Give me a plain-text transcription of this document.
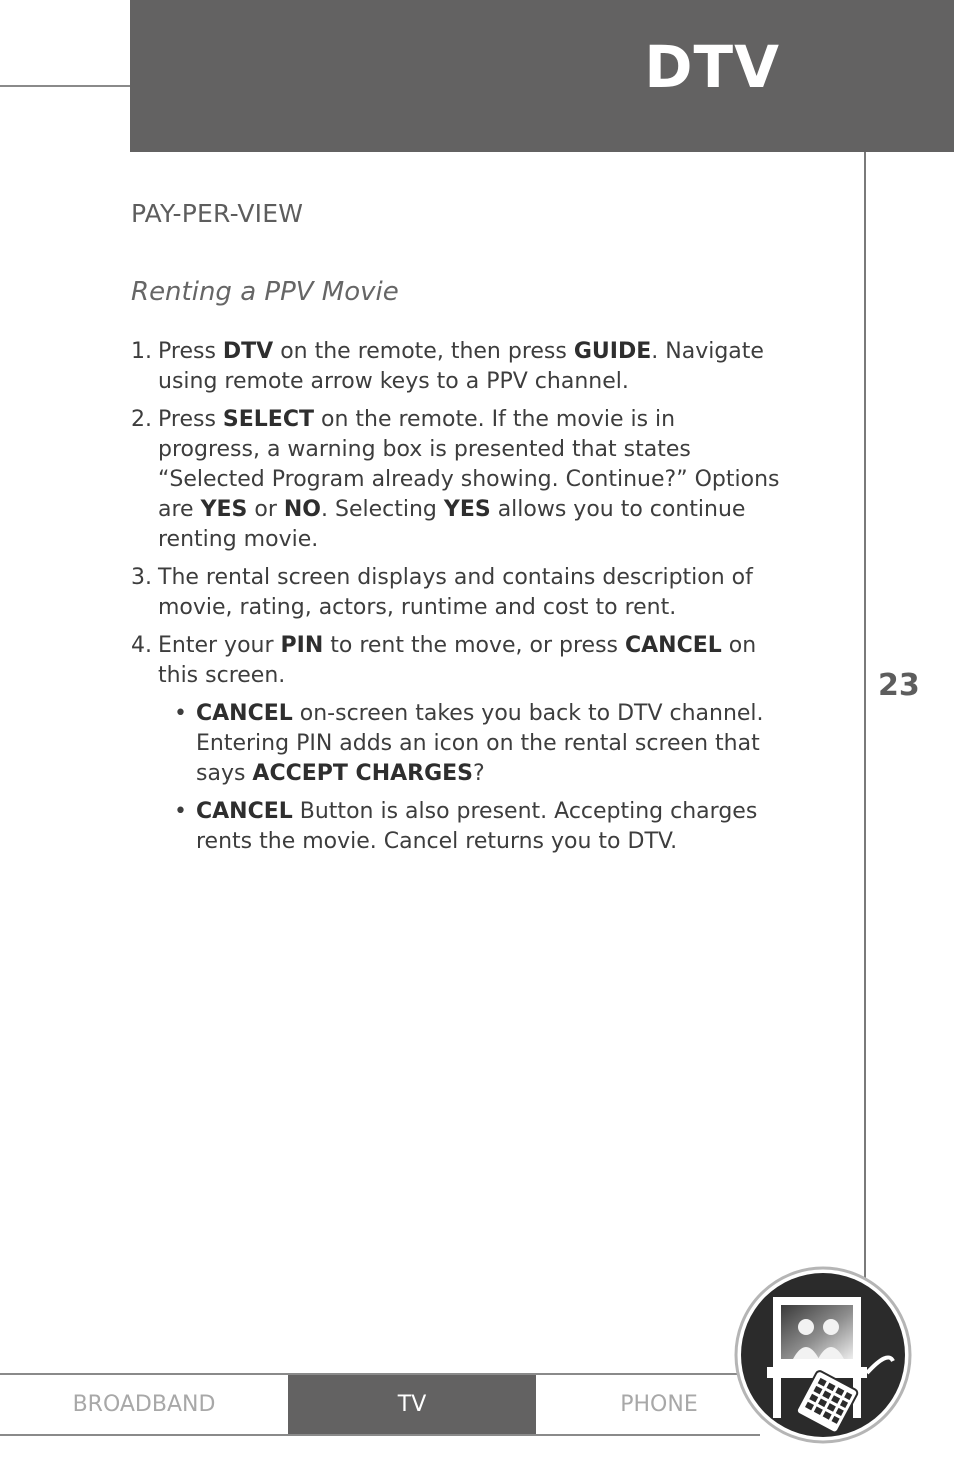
DTV
23
PAY-PER-VIEW
Renting a PPV Movie
1. Press DTV on the remote, then press GUIDE. Navigate using remote arrow keys to a PPV channel.
2. Press SELECT on the remote. If the movie is in progress, a warning box is presented that states “Selected Program already showing. Continue?” Options are YES or NO. Selecting YES allows you to continue renting movie.
3. The rental screen displays and contains description of movie, rating, actors, runtime and cost to rent.
4. Enter your PIN to rent the move, or press CANCEL on this screen.
• CANCEL on-screen takes you back to DTV channel. Entering PIN adds an icon on the rental screen that says ACCEPT CHARGES?
• CANCEL Button is also present. Accepting charges rents the movie. Cancel returns you to DTV.
BROADBAND	TV	PHONE
